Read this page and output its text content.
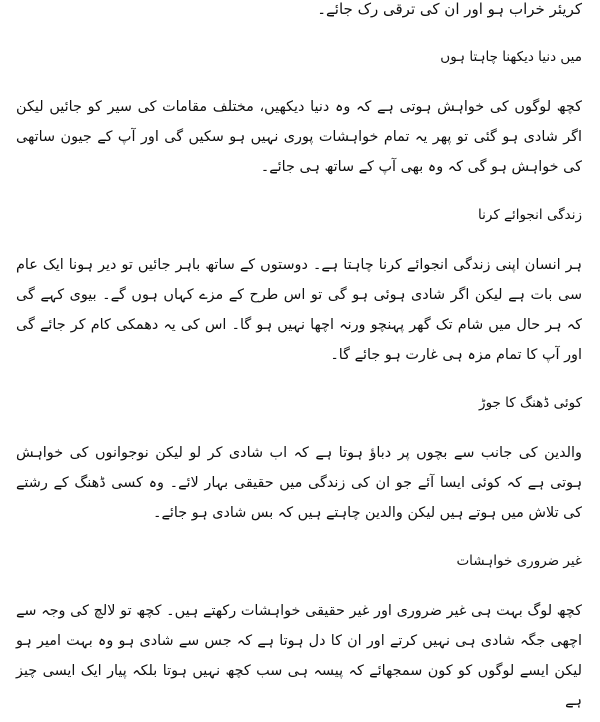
کریئر خراب ہو اور ان کی ترقی رک جائے۔

میں دنیا دیکھنا چاہتا ہوں

کچھ لوگوں کی خواہش ہوتی ہے کہ وہ دنیا دیکھیں، مختلف مقامات کی سیر کو جائیں لیکن اگر شادی ہو گئی تو پھر یہ تمام خواہشات پوری نہیں ہو سکیں گی اور آپ کے جیون ساتھی کی خواہش ہو گی کہ وہ بھی آپ کے ساتھ ہی جائے۔

زندگی انجوائے کرنا

ہر انسان اپنی زندگی انجوائے کرنا چاہتا ہے۔ دوستوں کے ساتھ باہر جائیں تو دیر ہونا ایک عام سی بات ہے لیکن اگر شادی ہوئی ہو گی تو اس طرح کے مزے کہاں ہوں گے۔ بیوی کہے گی کہ ہر حال میں شام تک گھر پہنچو ورنہ اچھا نہیں ہو گا۔ اس کی یہ دھمکی کام کر جائے گی اور آپ کا تمام مزہ ہی غارت ہو جائے گا۔

کوئی ڈھنگ کا جوڑ

والدین کی جانب سے بچوں پر دباؤ ہوتا ہے کہ اب شادی کر لو لیکن نوجوانوں کی خواہش ہوتی ہے کہ کوئی ایسا آئے جو ان کی زندگی میں حقیقی بہار لائے۔ وہ کسی ڈھنگ کے رشتے کی تلاش میں ہوتے ہیں لیکن والدین چاہتے ہیں کہ بس شادی ہو جائے۔

غیر ضروری خواہشات

کچھ لوگ بہت ہی غیر ضروری اور غیر حقیقی خواہشات رکھتے ہیں۔ کچھ تو لالچ کی وجہ سے اچھی جگہ شادی ہی نہیں کرتے اور ان کا دل ہوتا ہے کہ جس سے شادی ہو وہ بہت امیر ہو لیکن ایسے لوگوں کو کون سمجھائے کہ پیسہ ہی سب کچھ نہیں ہوتا بلکہ پیار ایک ایسی چیز ہے
